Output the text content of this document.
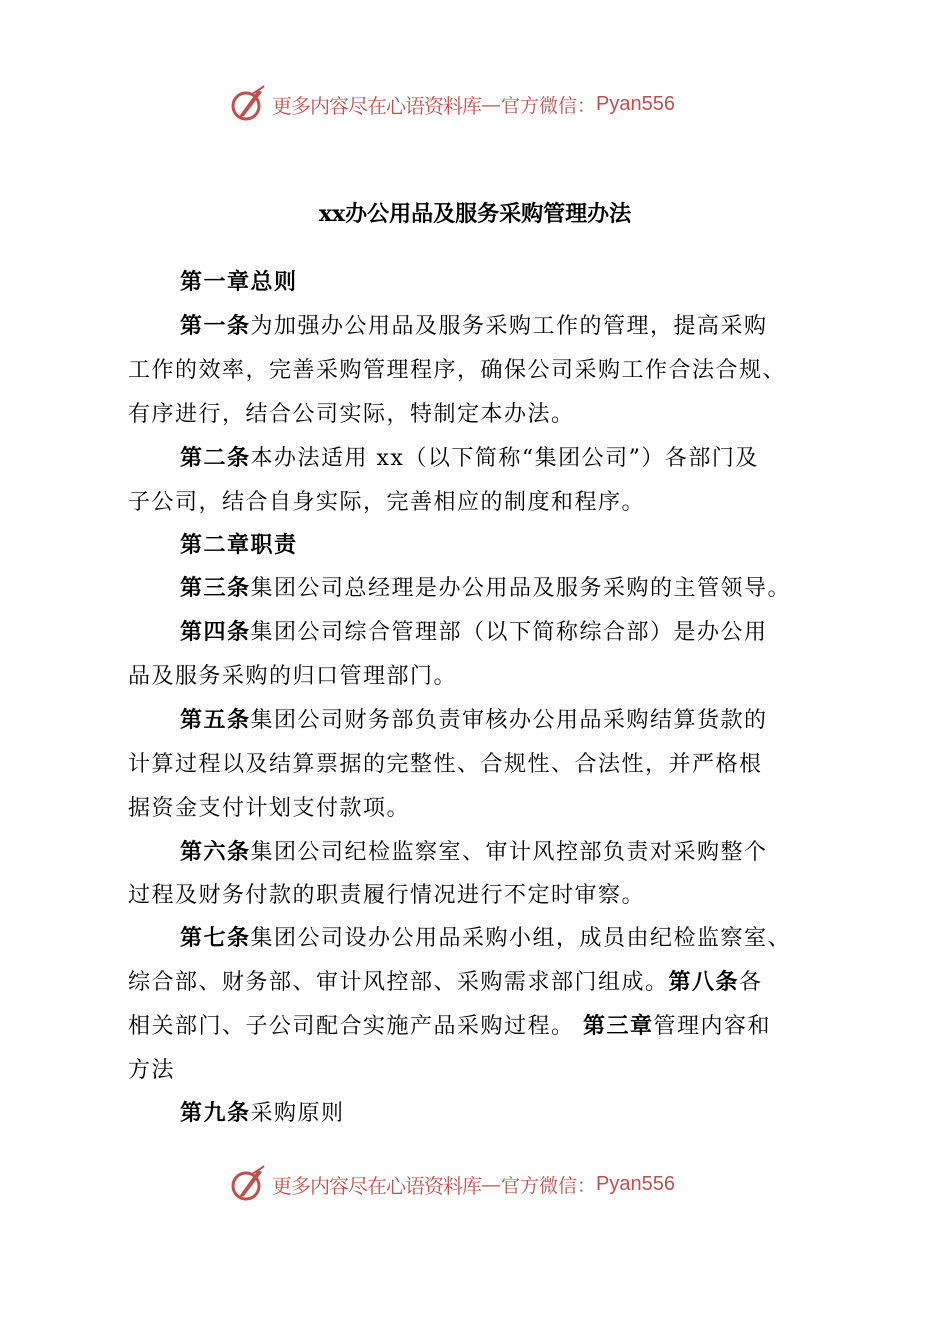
更多内容尽在心语资料库 — 官方微信： Pyan556
xx办公用品及服务采购管理办法
第一章总则
第一条为加强办公用品及服务采购工作的管理，提高采购
工作的效率，完善采购管理程序，确保公司采购工作合法合规、
有序进行，结合公司实际，特制定本办法。
第二条本办法适用 xx（以下简称“集团公司”）各部门及
子公司，结合自身实际，完善相应的制度和程序。
第二章职责
第三条集团公司总经理是办公用品及服务采购的主管领导。
第四条集团公司综合管理部（以下简称综合部）是办公用
品及服务采购的归口管理部门。
第五条集团公司财务部负责审核办公用品采购结算货款的
计算过程以及结算票据的完整性、合规性、合法性，并严格根
据资金支付计划支付款项。
第六条集团公司纪检监察室、审计风控部负责对采购整个
过程及财务付款的职责履行情况进行不定时审察。
第七条集团公司设办公用品采购小组，成员由纪检监察室、
综合部、财务部、审计风控部、采购需求部门组成。第八条各
相关部门、子公司配合实施产品采购过程。 第三章管理内容和
方法
第九条采购原则
更多内容尽在心语资料库 — 官方微信： Pyan556
